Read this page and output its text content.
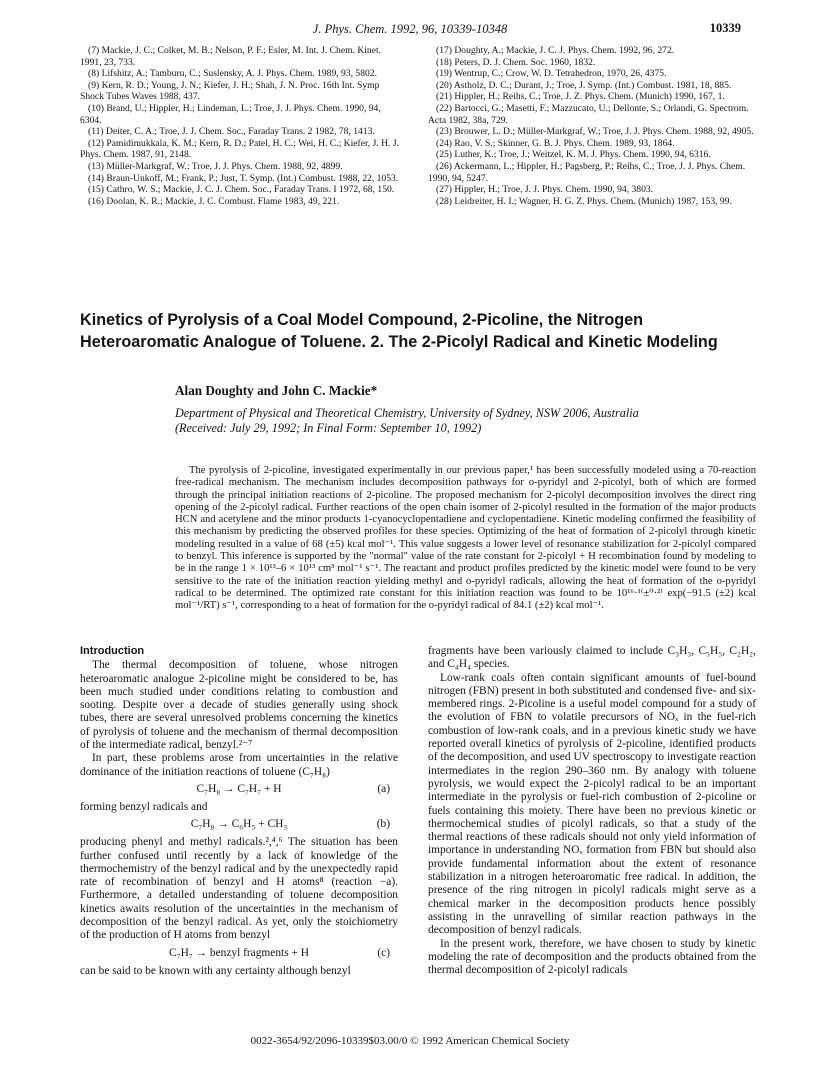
J. Phys. Chem. 1992, 96, 10339-10348	10339
(7) Mackie, J. C.; Colket, M. B.; Nelson, P. F.; Esler, M. Int. J. Chem. Kinet. 1991, 23, 733.
(8) Lifshitz, A.; Tamburu, C.; Suslensky, A. J. Phys. Chem. 1989, 93, 5802.
(9) Kern, R. D.; Young, J. N.; Kiefer, J. H.; Shah, J. N. Proc. 16th Int. Symp Shock Tubes Waves 1988, 437.
(10) Brand, U.; Hippler, H.; Lindeman, L.; Troe, J. J. Phys. Chem. 1990, 94, 6304.
(11) Deiter, C. A.; Troe, J. J. Chem. Soc., Faraday Trans. 2 1982, 78, 1413.
(12) Pamidimukkala, K. M.; Kern, R. D.; Patel, H. C.; Wei, H. C.; Kiefer, J. H. J. Phys. Chem. 1987, 91, 2148.
(13) Müller-Markgraf, W.; Troe, J. J. Phys. Chem. 1988, 92, 4899.
(14) Braun-Unkoff, M.; Frank, P.; Just, T. Symp. (Int.) Combust. 1988, 22, 1053.
(15) Cathro, W. S.; Mackie, J. C. J. Chem. Soc., Faraday Trans. I 1972, 68, 150.
(16) Doolan, K. R.; Mackie, J. C. Combust. Flame 1983, 49, 221.
(17) Doughty, A.; Mackie, J. C. J. Phys. Chem. 1992, 96, 272.
(18) Peters, D. J. Chem. Soc. 1960, 1832.
(19) Wentrup, C.; Crow, W. D. Tetrahedron, 1970, 26, 4375.
(20) Astholz, D. C.; Durant, J.; Troe, J. Symp. (Int.) Combust. 1981, 18, 885.
(21) Hippler, H.; Reihs, C.; Troe, J. Z. Phys. Chem. (Munich) 1990, 167, 1.
(22) Bartocci, G.; Masetti, F.; Mazzucato, U.; Dellonte, S.; Orlandi, G. Spectrom. Acta 1982, 38a, 729.
(23) Brouwer, L. D.; Müller-Markgraf, W.; Troe, J. J. Phys. Chem. 1988, 92, 4905.
(24) Rao, V. S.; Skinner, G. B. J. Phys. Chem. 1989, 93, 1864.
(25) Luther, K.; Troe, J.; Weitzel, K. M. J. Phys. Chem. 1990, 94, 6316.
(26) Ackermann, L.; Hippler, H.; Pagsberg, P.; Reihs, C.; Troe, J. J. Phys. Chem. 1990, 94, 5247.
(27) Hippler, H.; Troe, J. J. Phys. Chem. 1990, 94, 3803.
(28) Leidreiter, H. I.; Wagner, H. G. Z. Phys. Chem. (Munich) 1987, 153, 99.
Kinetics of Pyrolysis of a Coal Model Compound, 2-Picoline, the Nitrogen Heteroaromatic Analogue of Toluene. 2. The 2-Picolyl Radical and Kinetic Modeling
Alan Doughty and John C. Mackie*
Department of Physical and Theoretical Chemistry, University of Sydney, NSW 2006, Australia
(Received: July 29, 1992; In Final Form: September 10, 1992)
The pyrolysis of 2-picoline, investigated experimentally in our previous paper,¹ has been successfully modeled using a 70-reaction free-radical mechanism. The mechanism includes decomposition pathways for o-pyridyl and 2-picolyl, both of which are formed through the principal initiation reactions of 2-picoline. The proposed mechanism for 2-picolyl decomposition involves the direct ring opening of the 2-picolyl radical. Further reactions of the open chain isomer of 2-picolyl resulted in the formation of the major products HCN and acetylene and the minor products 1-cyanocyclopentadiene and cyclopentadiene. Kinetic modeling confirmed the feasibility of this mechanism by predicting the observed profiles for these species. Optimizing of the heat of formation of 2-picolyl through kinetic modeling resulted in a value of 68 (±5) kcal mol⁻¹. This value suggests a lower level of resonance stabilization for 2-picolyl compared to benzyl. This inference is supported by the "normal" value of the rate constant for 2-picolyl + H recombination found by modeling to be in the range 1 × 10¹³–6 × 10¹³ cm³ mol⁻¹ s⁻¹. The reactant and product profiles predicted by the kinetic model were found to be very sensitive to the rate of the initiation reaction yielding methyl and o-pyridyl radicals, allowing the heat of formation of the o-pyridyl radical to be determined. The optimized rate constant for this initiation reaction was found to be 10¹⁶·¹⁽±⁰·²⁾ exp(−91.5 (±2) kcal mol⁻¹/RT) s⁻¹, corresponding to a heat of formation for the o-pyridyl radical of 84.1 (±2) kcal mol⁻¹.
Introduction

The thermal decomposition of toluene, whose nitrogen heteroaromatic analogue 2-picoline might be considered to be, has been much studied under conditions relating to combustion and sooting. Despite over a decade of studies generally using shock tubes, there are several unresolved problems concerning the kinetics of pyrolysis of toluene and the mechanism of thermal decomposition of the intermediate radical, benzyl.²⁻⁷

In part, these problems arose from uncertainties in the relative dominance of the initiation reactions of toluene (C₇H₈)

C₇H₈ → C₇H₇ + H	(a)

forming benzyl radicals and

C₇H₈ → C₆H₅ + CH₃	(b)

producing phenyl and methyl radicals.²,⁴,⁶ The situation has been further confused until recently by a lack of knowledge of the thermochemistry of the benzyl radical and by the unexpectedly rapid rate of recombination of benzyl and H atoms⁸ (reaction −a). Furthermore, a detailed understanding of toluene decomposition kinetics awaits resolution of the uncertainties in the mechanism of decomposition of the benzyl radical. As yet, only the stoichiometry of the production of H atoms from benzyl

C₇H₇ → benzyl fragments + H	(c)

can be said to be known with any certainty although benzyl

fragments have been variously claimed to include C₃H₃, C₅H₅, C₂H₂, and C₄H₄ species.

Low-rank coals often contain significant amounts of fuel-bound nitrogen (FBN) present in both substituted and condensed five- and six-membered rings. 2-Picoline is a useful model compound for a study of the evolution of FBN to volatile precursors of NOₓ in the fuel-rich combustion of low-rank coals, and in a previous kinetic study we have reported overall kinetics of pyrolysis of 2-picoline, identified products of the decomposition, and used UV spectroscopy to investigate reaction intermediates in the region 290–360 nm. By analogy with toluene pyrolysis, we would expect the 2-picolyl radical to be an important intermediate in the pyrolysis or fuel-rich combustion of 2-picoline or fuels containing this moiety. There have been no previous kinetic or thermochemical studies of picolyl radicals, so that a study of the thermal reactions of these radicals should not only yield information of importance in understanding NOₓ formation from FBN but should also provide fundamental information about the extent of resonance stabilization in a nitrogen heteroaromatic free radical. In addition, the presence of the ring nitrogen in picolyl radicals might serve as a chemical marker in the decomposition products hence possibly assisting in the unravelling of similar reaction pathways in the decomposition of benzyl radicals.

In the present work, therefore, we have chosen to study by kinetic modeling the rate of decomposition and the products obtained from the thermal decomposition of 2-picolyl radicals

0022-3654/92/2096-10339$03.00/0 © 1992 American Chemical Society
